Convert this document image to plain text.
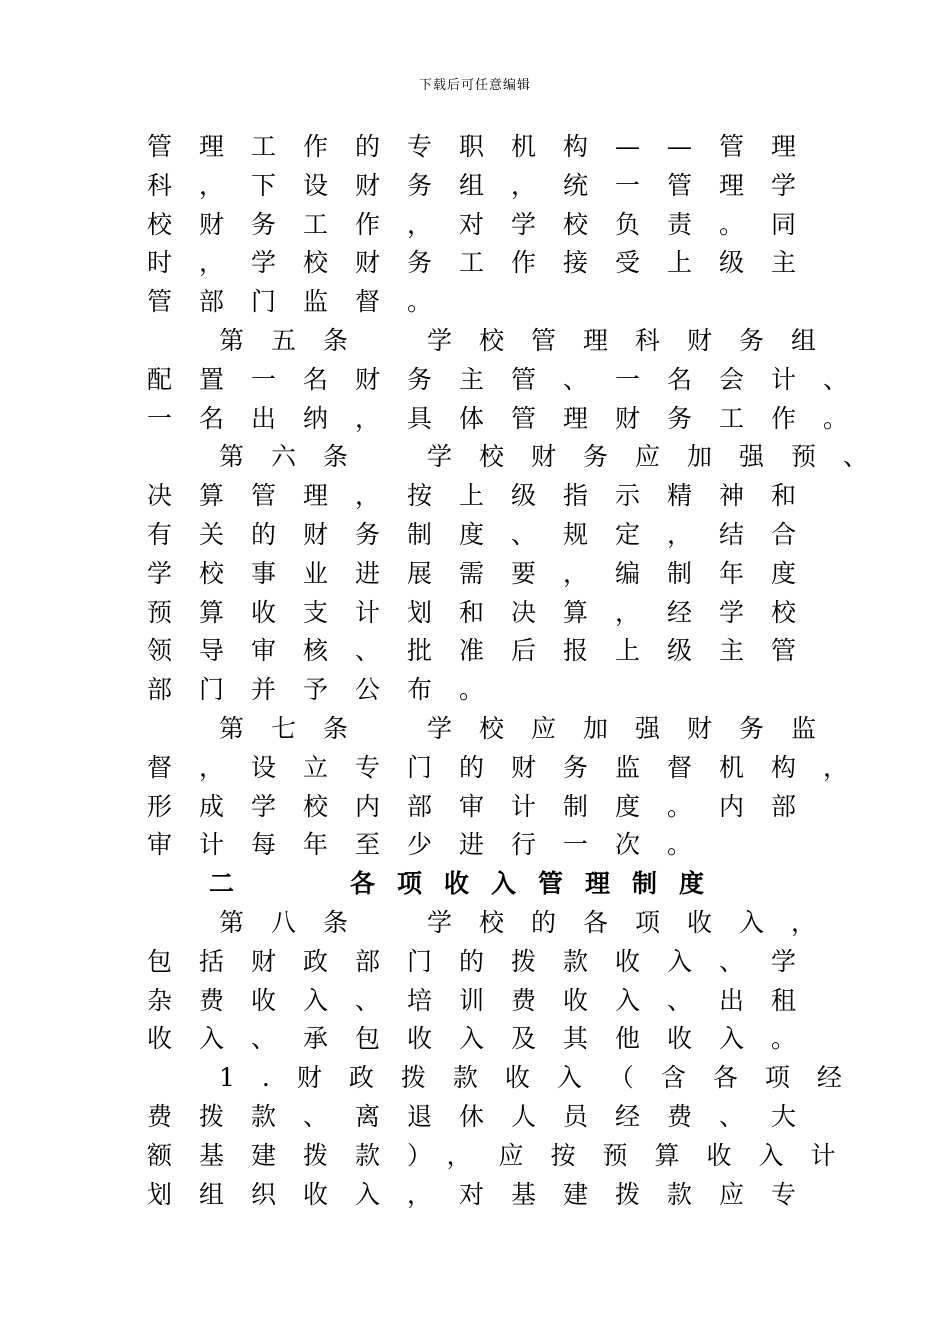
下载后可任意编辑
管理工作的专职机构——管理
科，下设财务组，统一管理学
校财务工作，对学校负责。同
时，学校财务工作接受上级主
管部门监督。
第五条　学校管理科财务组
配置一名财务主管、一名会计、
一名出纳，具体管理财务工作。
第六条　学校财务应加强预、
决算管理，按上级指示精神和
有关的财务制度、规定，结合
学校事业进展需要，编制年度
预算收支计划和决算，经学校
领导审核、批准后报上级主管
部门并予公布。
第七条　学校应加强财务监
督，设立专门的财务监督机构，
形成学校内部审计制度。内部
审计每年至少进行一次。
二　　各项收入管理制度
第八条　学校的各项收入，
包括财政部门的拨款收入、学
杂费收入、培训费收入、出租
收入、承包收入及其他收入。
1.财政拨款收入（含各项经
费拨款、离退休人员经费、大
额基建拨款），应按预算收入计
划组织收入，对基建拨款应专
